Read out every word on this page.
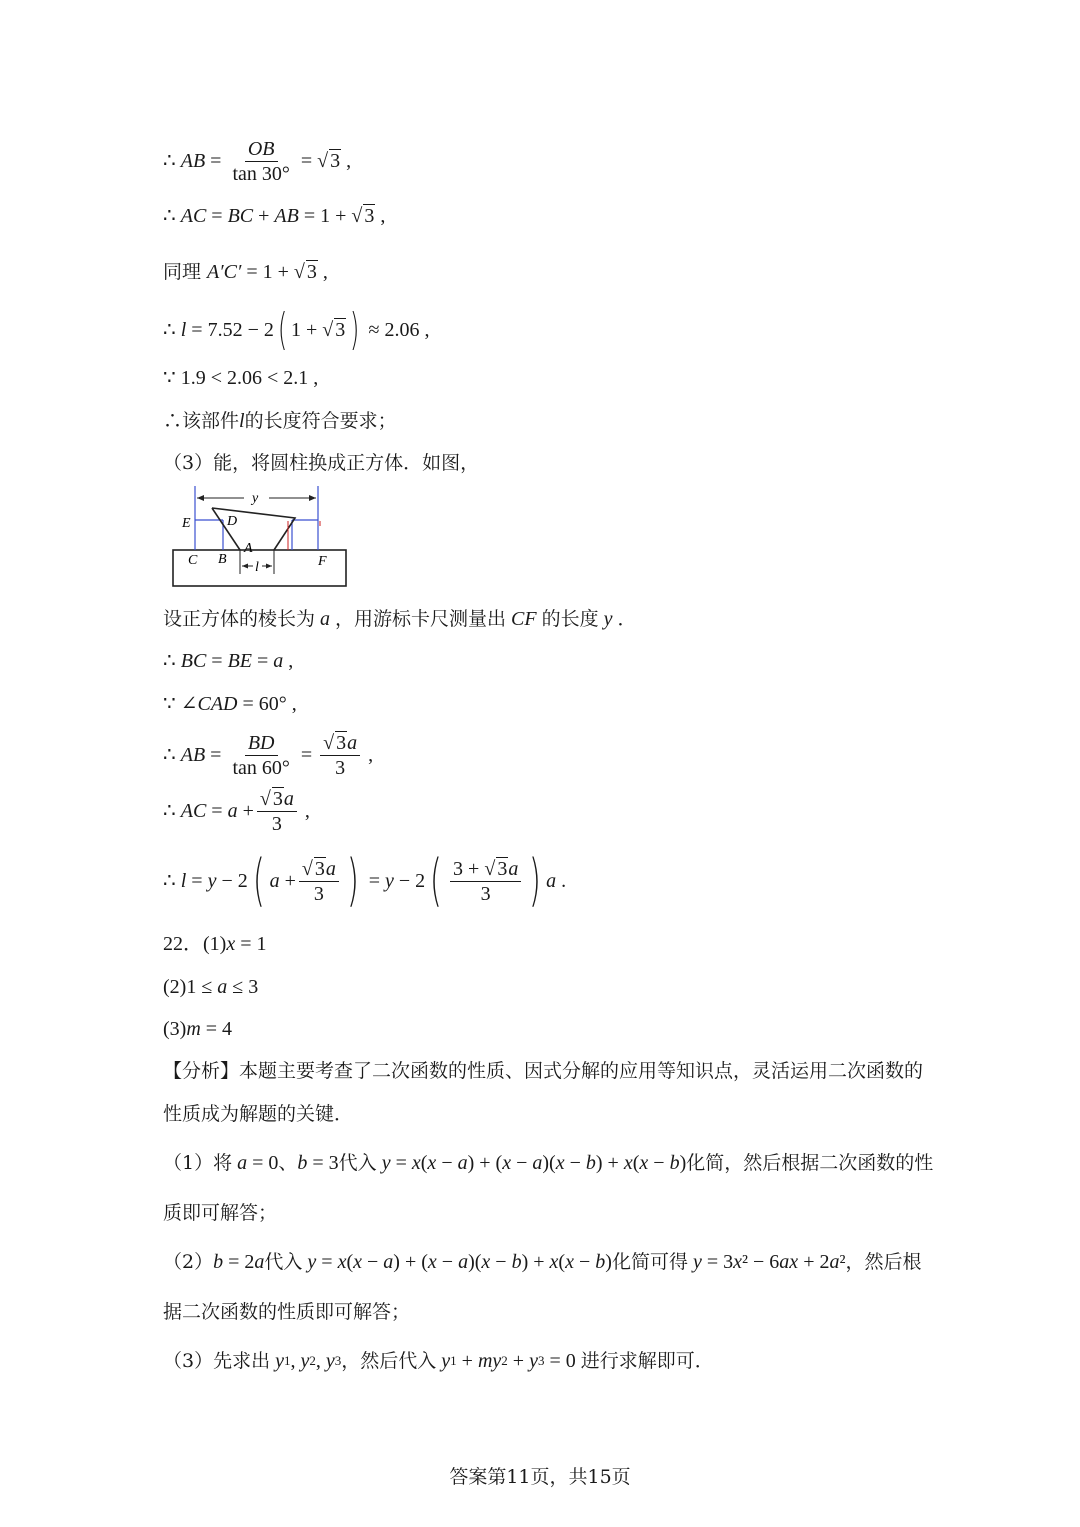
∴ AB = $\frac{OB}{\tan 30^\circ}$ = √ 3 ,
∴ AC = BC + AB = 1 + √ 3 ,
同理 A′C′ = 1 + √ 3 ,
∴ l = 7.52 − 2 ( 1 + √ 3 ) ≈ 2.06 ,
∵ 1.9 < 2.06 < 2.1 ,
∴该部件 l 的长度符合要求；
（3）能，将圆柱换成正方体．如图，
y
E	D
C B
A
l	F
设正方体的棱长为 a ，用游标卡尺测量出 CF 的长度 y ．
∴ BC = BE = a ,
∵ ∠ CAD = 60° ,
∴ AB = $\frac{BD}{\tan 60^\circ} = \frac{√ 3a}{3}$ ,
∴ AC = $a + \frac{√ 3a}{3}$ ,
∴ l = y − 2 ( $a + \frac{√ 3a}{3}$ ) = y − 2 ( $\frac{3 + √ 3a}{3}$ ) a .
22．(1) x = 1
(2)1 ≤ a ≤ 3
(3) m = 4
【分析】本题主要考查了二次函数的性质、因式分解的应用等知识点，灵活运用二次函数的
性质成为解题的关键．
（1）将 a = 0 、 b = 3 代入 y = x ( x − a ) + ( x − a )( x − b ) + x ( x − b ) 化简，然后根据二次函数的性
质即可解答；
（2） b = 2 a 代入 y = x ( x − a ) + ( x − a )( x − b ) + x ( x − b ) 化简可得 y = 3 x ² − 6 ax + 2 a ² ，然后根
据二次函数的性质即可解答；
（3）先求出 y 1 , y 2 , y 3 ，然后代入 y 1 + my 2 + y 3 = 0 进行求解即可．
答案第11页，共15页
